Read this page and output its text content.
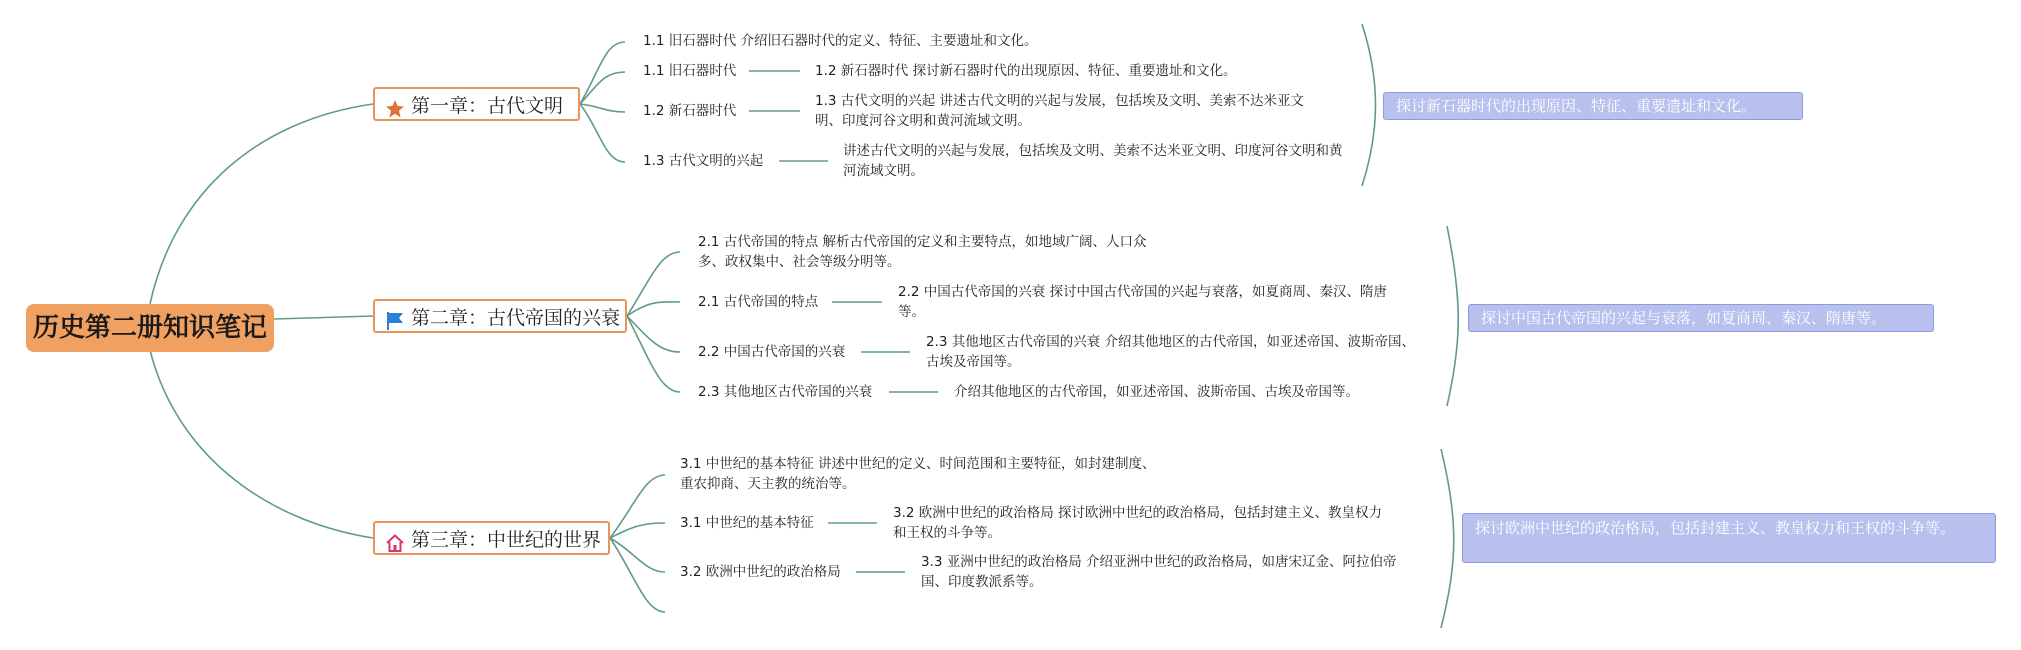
历史第二册知识笔记
第一章：古代文明
1.1 旧石器时代 介绍旧石器时代的定义、特征、主要遗址和文化。
1.1 旧石器时代
1.2 新石器时代
1.3 古代文明的兴起
1.2 新石器时代 探讨新石器时代的出现原因、特征、重要遗址和文化。
1.3 古代文明的兴起 讲述古代文明的兴起与发展，包括埃及文明、美索不达米亚文明、印度河谷文明和黄河流域文明。
讲述古代文明的兴起与发展，包括埃及文明、美索不达米亚文明、印度河谷文明和黄河流域文明。
探讨新石器时代的出现原因、特征、重要遗址和文化。
第二章：古代帝国的兴衰
2.1 古代帝国的特点 解析古代帝国的定义和主要特点，如地域广阔、人口众多、政权集中、社会等级分明等。
2.1 古代帝国的特点
2.2 中国古代帝国的兴衰
2.3 其他地区古代帝国的兴衰
2.2 中国古代帝国的兴衰 探讨中国古代帝国的兴起与衰落，如夏商周、秦汉、隋唐等。
2.3 其他地区古代帝国的兴衰 介绍其他地区的古代帝国，如亚述帝国、波斯帝国、古埃及帝国等。
介绍其他地区的古代帝国，如亚述帝国、波斯帝国、古埃及帝国等。
探讨中国古代帝国的兴起与衰落，如夏商周、秦汉、隋唐等。
第三章：中世纪的世界
3.1 中世纪的基本特征 讲述中世纪的定义、时间范围和主要特征，如封建制度、重农抑商、天主教的统治等。
3.1 中世纪的基本特征
3.2 欧洲中世纪的政治格局
3.2 欧洲中世纪的政治格局 探讨欧洲中世纪的政治格局，包括封建主义、教皇权力和王权的斗争等。
3.3 亚洲中世纪的政治格局 介绍亚洲中世纪的政治格局，如唐宋辽金、阿拉伯帝国、印度教派系等。
探讨欧洲中世纪的政治格局，包括封建主义、教皇权力和王权的斗争等。
